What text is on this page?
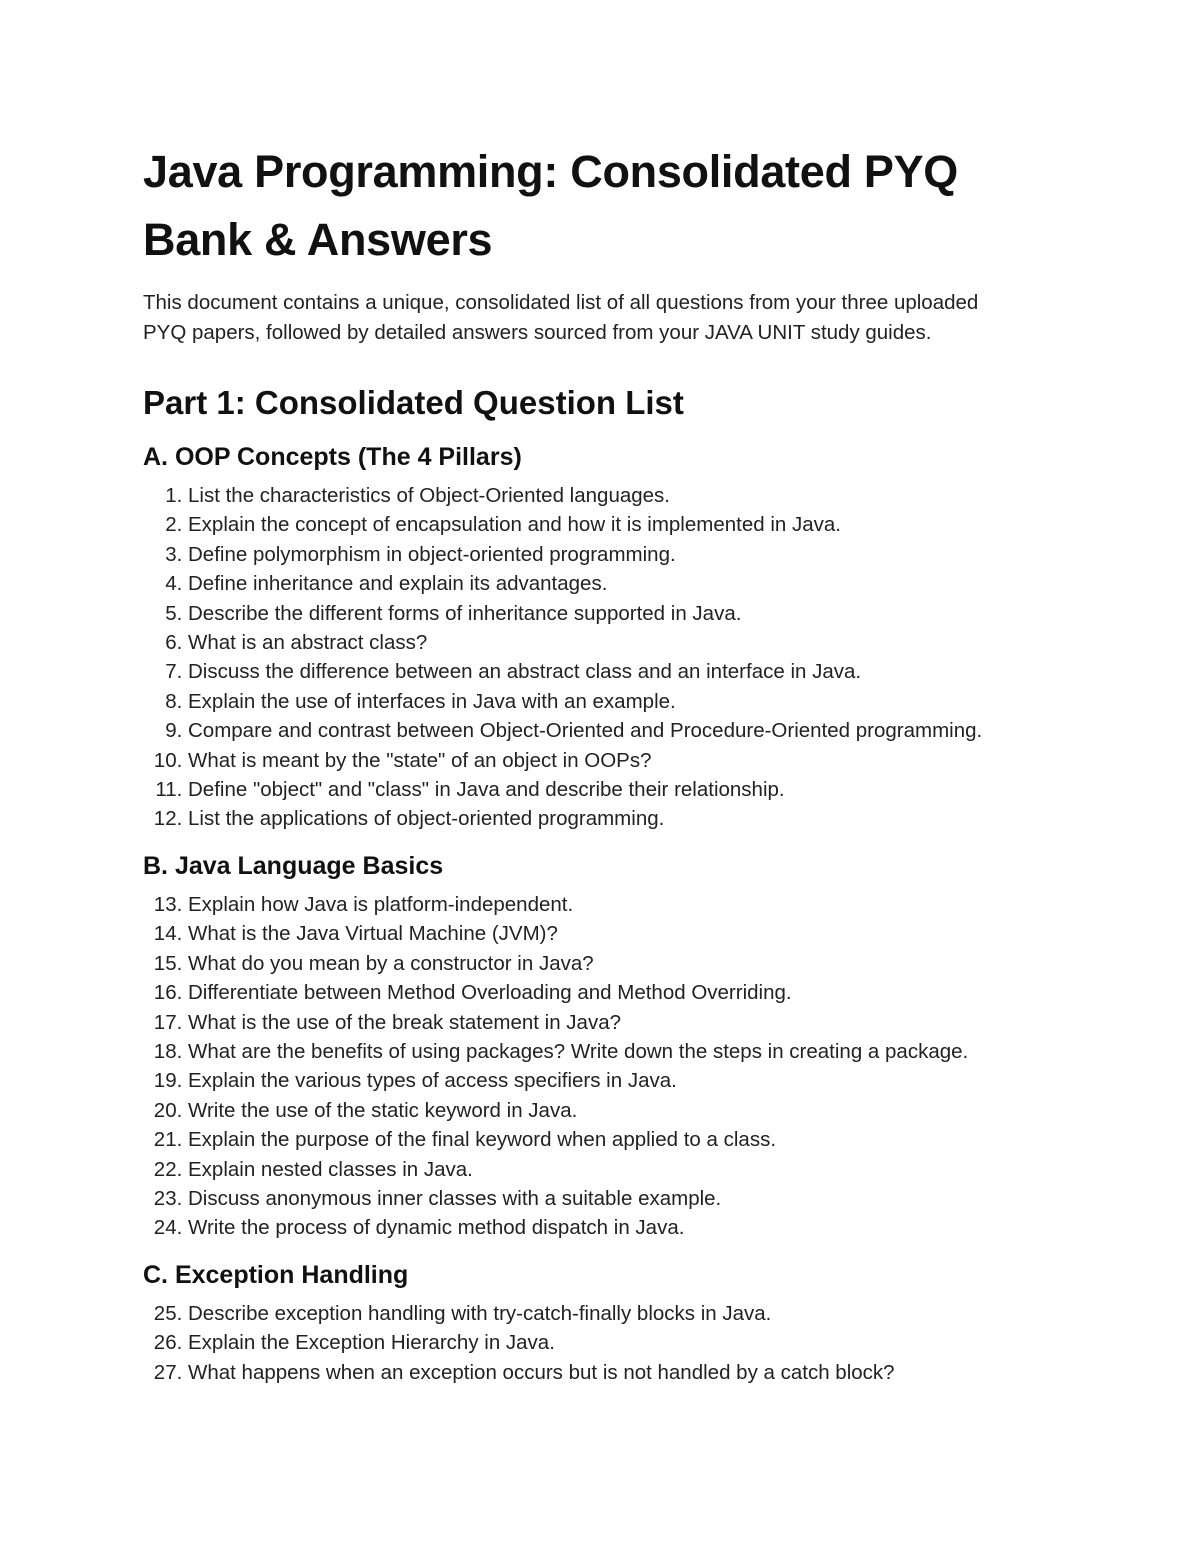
Java Programming: Consolidated PYQ
Bank & Answers

This document contains a unique, consolidated list of all questions from your three uploaded
PYQ papers, followed by detailed answers sourced from your JAVA UNIT study guides.

Part 1: Consolidated Question List
A. OOP Concepts (The 4 Pillars)
1. List the characteristics of Object-Oriented languages.
2. Explain the concept of encapsulation and how it is implemented in Java.
3. Define polymorphism in object-oriented programming.
4. Define inheritance and explain its advantages.
5. Describe the different forms of inheritance supported in Java.
6. What is an abstract class?
7. Discuss the difference between an abstract class and an interface in Java.
8. Explain the use of interfaces in Java with an example.
9. Compare and contrast between Object-Oriented and Procedure-Oriented programming.
10. What is meant by the "state" of an object in OOPs?
11. Define "object" and "class" in Java and describe their relationship.
12. List the applications of object-oriented programming.
B. Java Language Basics
13. Explain how Java is platform-independent.
14. What is the Java Virtual Machine (JVM)?
15. What do you mean by a constructor in Java?
16. Differentiate between Method Overloading and Method Overriding.
17. What is the use of the break statement in Java?
18. What are the benefits of using packages? Write down the steps in creating a package.
19. Explain the various types of access specifiers in Java.
20. Write the use of the static keyword in Java.
21. Explain the purpose of the final keyword when applied to a class.
22. Explain nested classes in Java.
23. Discuss anonymous inner classes with a suitable example.
24. Write the process of dynamic method dispatch in Java.
C. Exception Handling
25. Describe exception handling with try-catch-finally blocks in Java.
26. Explain the Exception Hierarchy in Java.
27. What happens when an exception occurs but is not handled by a catch block?
